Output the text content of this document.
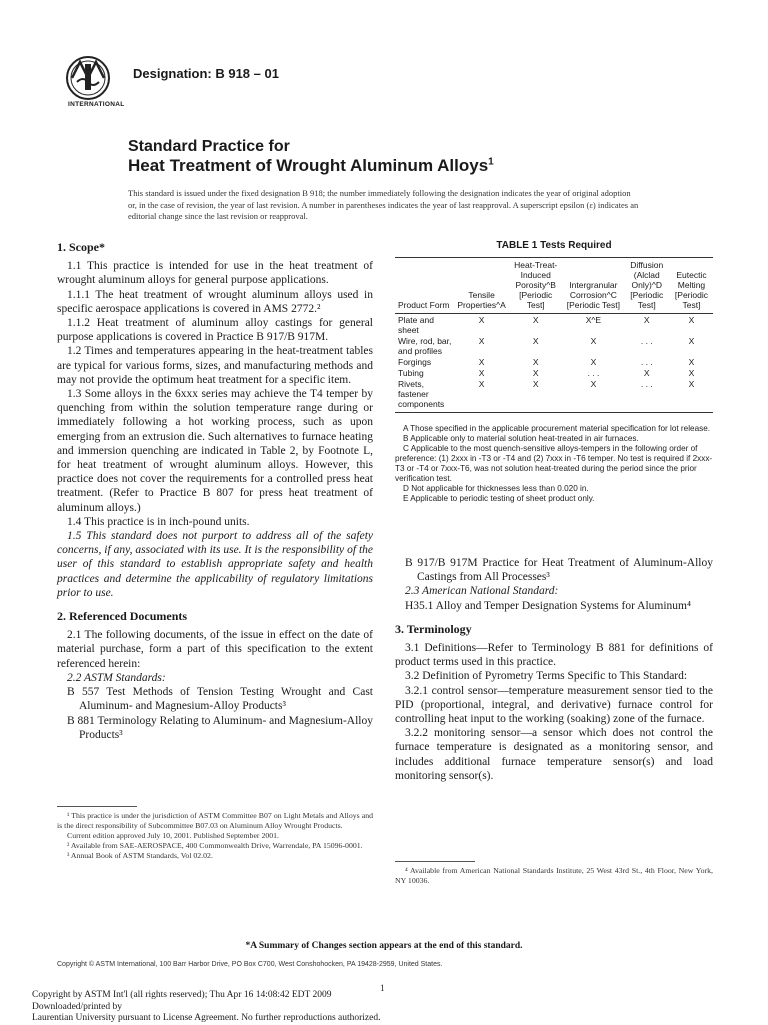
INTERNATIONAL
Designation: B 918 – 01
Standard Practice for
Heat Treatment of Wrought Aluminum Alloys$^1$
This standard is issued under the fixed designation B 918; the number immediately following the designation indicates the year of original adoption or, in the case of revision, the year of last revision. A number in parentheses indicates the year of last reapproval. A superscript epsilon (ε) indicates an editorial change since the last revision or reapproval.
1. Scope*

1.1 This practice is intended for use in the heat treatment of wrought aluminum alloys for general purpose applications.

1.1.1 The heat treatment of wrought aluminum alloys used in specific aerospace applications is covered in AMS 2772.²

1.1.2 Heat treatment of aluminum alloy castings for general purpose applications is covered in Practice B 917/B 917M.

1.2 Times and temperatures appearing in the heat-treatment tables are typical for various forms, sizes, and manufacturing methods and may not provide the optimum heat treatment for a specific item.

1.3 Some alloys in the 6xxx series may achieve the T4 temper by quenching from within the solution temperature range during or immediately following a hot working process, such as upon emerging from an extrusion die. Such alternatives to furnace heating and immersion quenching are indicated in Table 2, by Footnote L, for heat treatment of wrought aluminum alloys. However, this practice does not cover the requirements for a controlled press heat treatment. (Refer to Practice B 807 for press heat treatment of aluminum alloys.)

1.4 This practice is in inch-pound units.

1.5 This standard does not purport to address all of the safety concerns, if any, associated with its use. It is the responsibility of the user of this standard to establish appropriate safety and health practices and determine the applicability of regulatory limitations prior to use.

2. Referenced Documents

2.1 The following documents, of the issue in effect on the date of material purchase, form a part of this specification to the extent referenced herein:

2.2 ASTM Standards:

B 557 Test Methods of Tension Testing Wrought and Cast Aluminum- and Magnesium-Alloy Products³

B 881 Terminology Relating to Aluminum- and Magnesium-Alloy Products³

¹ This practice is under the jurisdiction of ASTM Committee B07 on Light Metals and Alloys and is the direct responsibility of Subcommittee B07.03 on Aluminum Alloy Wrought Products.
Current edition approved July 10, 2001. Published September 2001.
² Available from SAE-AEROSPACE, 400 Commonwealth Drive, Warrendale, PA 15096-0001.
³ Annual Book of ASTM Standards, Vol 02.02.
TABLE 1 Tests Required
Product Form	Tensile Properties^A	Heat-Treat-Induced Porosity^B [Periodic Test]	Intergranular Corrosion^C [Periodic Test]	Diffusion (Alclad Only)^D [Periodic Test]	Eutectic Melting [Periodic Test]
Plate and sheet	X	X	X^E	X	X
Wire, rod, bar, and profiles	X	X	X	. . .	X
Forgings	X	X	X	. . .	X
Tubing	X	X	. . .	X	X
Rivets, fastener components	X	X	X	. . .	X
A Those specified in the applicable procurement material specification for lot release.
B Applicable only to material solution heat-treated in air furnaces.
C Applicable to the most quench-sensitive alloys-tempers in the following order of preference: (1) 2xxx in -T3 or -T4 and (2) 7xxx in -T6 temper. No test is required if 2xxx-T3 or -T4 or 7xxx-T6, was not solution heat-treated during the period since the prior verification test.
D Not applicable for thicknesses less than 0.020 in.
E Applicable to periodic testing of sheet product only.

B 917/B 917M Practice for Heat Treatment of Aluminum-Alloy Castings from All Processes³

2.3 American National Standard:

H35.1 Alloy and Temper Designation Systems for Aluminum⁴

3. Terminology

3.1 Definitions—Refer to Terminology B 881 for definitions of product terms used in this practice.

3.2 Definition of Pyrometry Terms Specific to This Standard:

3.2.1 control sensor—temperature measurement sensor tied to the PID (proportional, integral, and derivative) furnace control for controlling heat input to the working (soaking) zone of the furnace.

3.2.2 monitoring sensor—a sensor which does not control the furnace temperature is designated as a monitoring sensor, and includes additional furnace temperature sensor(s) and load monitoring sensor(s).

⁴ Available from American National Standards Institute, 25 West 43rd St., 4th Floor, New York, NY 10036.
*A Summary of Changes section appears at the end of this standard.
Copyright © ASTM International, 100 Barr Harbor Drive, PO Box C700, West Conshohocken, PA 19428-2959, United States.
1
Copyright by ASTM Int'l (all rights reserved); Thu Apr 16 14:08:42 EDT 2009
Downloaded/printed by
Laurentian University pursuant to License Agreement. No further reproductions authorized.
